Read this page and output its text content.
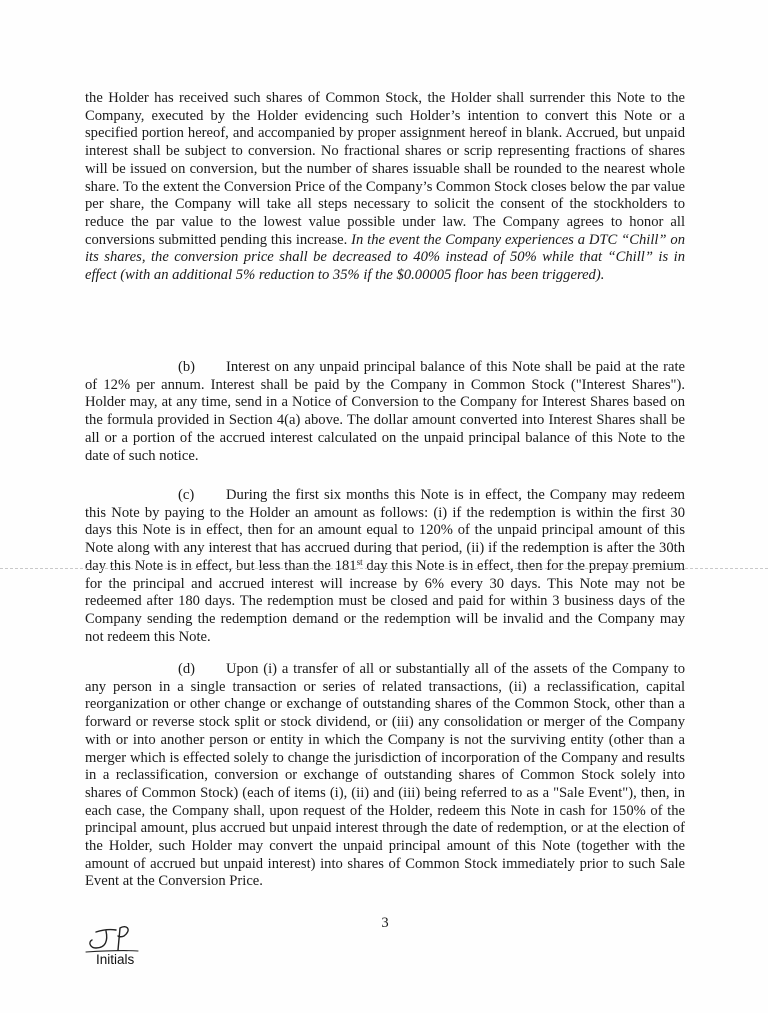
the Holder has received such shares of Common Stock, the Holder shall surrender this Note to the Company, executed by the Holder evidencing such Holder’s intention to convert this Note or a specified portion hereof, and accompanied by proper assignment hereof in blank. Accrued, but unpaid interest shall be subject to conversion. No fractional shares or scrip representing fractions of shares will be issued on conversion, but the number of shares issuable shall be rounded to the nearest whole share. To the extent the Conversion Price of the Company’s Common Stock closes below the par value per share, the Company will take all steps necessary to solicit the consent of the stockholders to reduce the par value to the lowest value possible under law. The Company agrees to honor all conversions submitted pending this increase. In the event the Company experiences a DTC “Chill” on its shares, the conversion price shall be decreased to 40% instead of 50% while that “Chill” is in effect (with an additional 5% reduction to 35% if the $0.00005 floor has been triggered).

(b) Interest on any unpaid principal balance of this Note shall be paid at the rate of 12% per annum. Interest shall be paid by the Company in Common Stock ("Interest Shares"). Holder may, at any time, send in a Notice of Conversion to the Company for Interest Shares based on the formula provided in Section 4(a) above. The dollar amount converted into Interest Shares shall be all or a portion of the accrued interest calculated on the unpaid principal balance of this Note to the date of such notice.

(c) During the first six months this Note is in effect, the Company may redeem this Note by paying to the Holder an amount as follows: (i) if the redemption is within the first 30 days this Note is in effect, then for an amount equal to 120% of the unpaid principal amount of this Note along with any interest that has accrued during that period, (ii) if the redemption is after the 30th day this Note is in effect, but less than the 181st day this Note is in effect, then for the prepay premium for the principal and accrued interest will increase by 6% every 30 days. This Note may not be redeemed after 180 days. The redemption must be closed and paid for within 3 business days of the Company sending the redemption demand or the redemption will be invalid and the Company may not redeem this Note.

(d) Upon (i) a transfer of all or substantially all of the assets of the Company to any person in a single transaction or series of related transactions, (ii) a reclassification, capital reorganization or other change or exchange of outstanding shares of the Common Stock, other than a forward or reverse stock split or stock dividend, or (iii) any consolidation or merger of the Company with or into another person or entity in which the Company is not the surviving entity (other than a merger which is effected solely to change the jurisdiction of incorporation of the Company and results in a reclassification, conversion or exchange of outstanding shares of Common Stock solely into shares of Common Stock) (each of items (i), (ii) and (iii) being referred to as a "Sale Event"), then, in each case, the Company shall, upon request of the Holder, redeem this Note in cash for 150% of the principal amount, plus accrued but unpaid interest through the date of redemption, or at the election of the Holder, such Holder may convert the unpaid principal amount of this Note (together with the amount of accrued but unpaid interest) into shares of Common Stock immediately prior to such Sale Event at the Conversion Price.

3
Initials
